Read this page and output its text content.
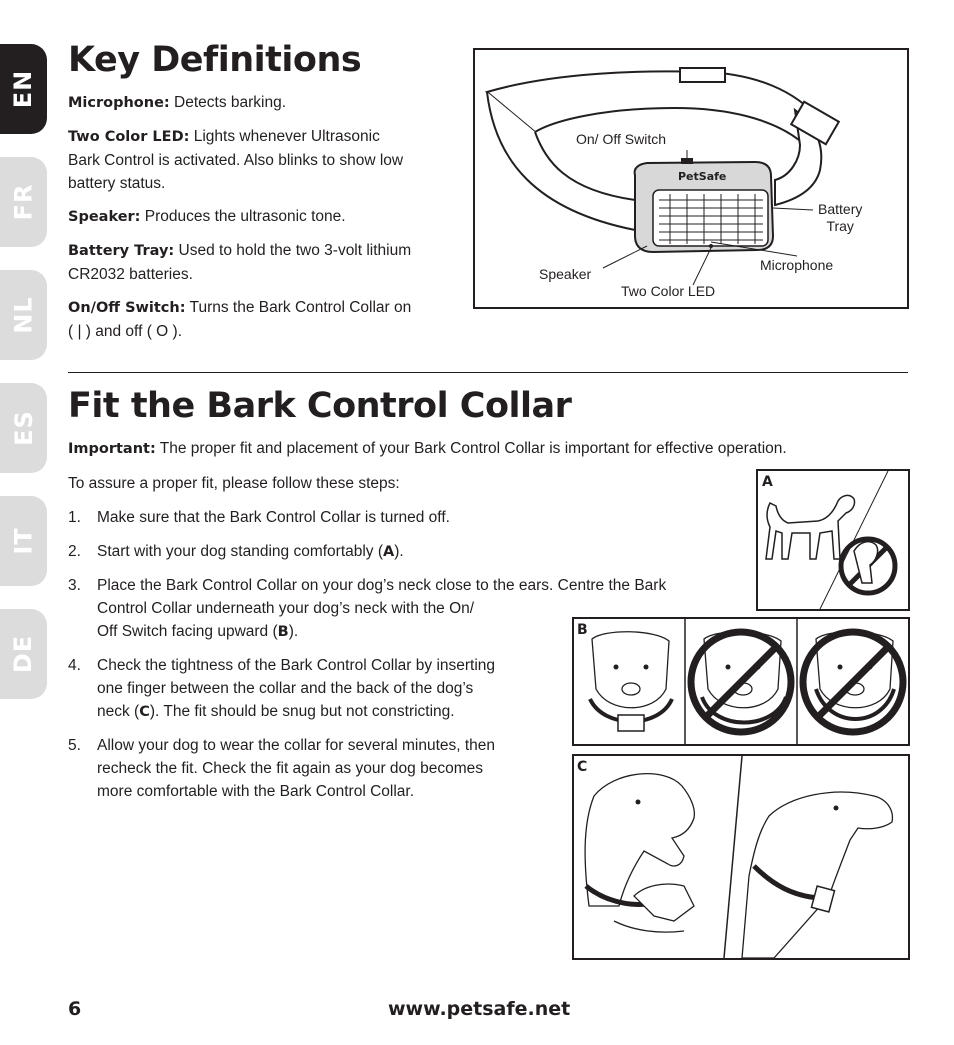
EN
FR
NL
ES
IT
DE
Key Definitions

Microphone: Detects barking.

Two Color LED: Lights whenever Ultrasonic
Bark Control is activated. Also blinks to show low
battery status.

Speaker: Produces the ultrasonic tone.

Battery Tray: Used to hold the two 3-volt lithium
CR2032 batteries.

On/Off Switch: Turns the Bark Control Collar on
( | ) and off ( O ).

PetSafe
On/ Off Switch
Battery
Tray
Microphone
Speaker
Two Color LED
Fit the Bark Control Collar

Important: The proper fit and placement of your Bark Control Collar is important for effective operation.

To assure a proper fit, please follow these steps:

1. Make sure that the Bark Control Collar is turned off.
2. Start with your dog standing comfortably (A).
3. Place the Bark Control Collar on your dog’s neck close to the ears. Centre the Bark
Control Collar underneath your dog’s neck with the On/
Off Switch facing upward (B).
4. Check the tightness of the Bark Control Collar by inserting
one finger between the collar and the back of the dog’s
neck (C). The fit should be snug but not constricting.
5. Allow your dog to wear the collar for several minutes, then
recheck the fit. Check the fit again as your dog becomes
more comfortable with the Bark Control Collar.
A
B
C
6	www.petsafe.net
